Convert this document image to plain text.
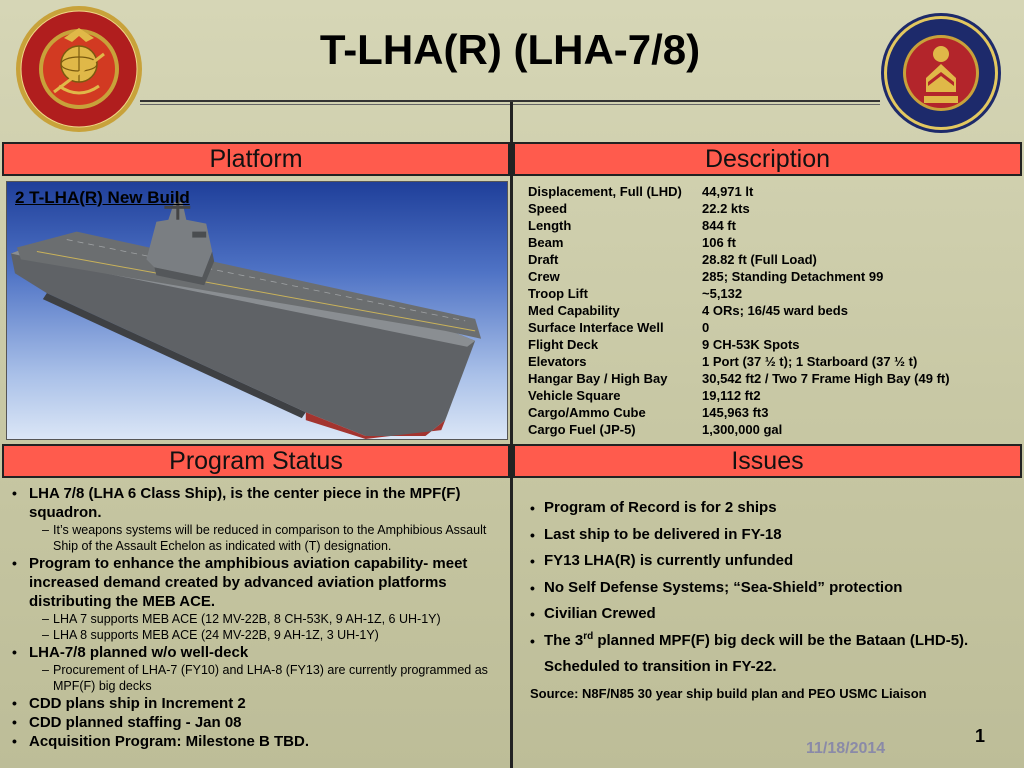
T-LHA(R) (LHA-7/8)
Platform	Description
2 T-LHA(R) New Build	Displacement, Full (LHD)	44,971 lt
Speed	22.2 kts
Length	844 ft
Beam	106 ft
Draft	28.82 ft (Full Load)
Crew	285; Standing Detachment 99
Troop Lift	~5,132
Med Capability	4 ORs; 16/45 ward beds
Surface Interface Well	0
Flight Deck	9 CH-53K Spots
Elevators	1 Port (37 ½ t); 1 Starboard (37 ½ t)
Hangar Bay / High Bay	30,542 ft2 / Two 7 Frame High Bay (49 ft)
Vehicle Square	19,112 ft2
Cargo/Ammo Cube	145,963 ft3
Cargo Fuel (JP-5)	1,300,000 gal
Program Status	Issues
• LHA 7/8 (LHA 6 Class Ship), is the center piece in the MPF(F) squadron.
– It’s weapons systems will be reduced in comparison to the Amphibious Assault Ship of the Assault Echelon as indicated with (T) designation.
• Program to enhance the amphibious aviation capability- meet increased demand created by advanced aviation platforms distributing the MEB ACE.
– LHA 7 supports MEB ACE (12 MV-22B, 8 CH-53K, 9 AH-1Z, 6 UH-1Y)
– LHA 8 supports MEB ACE (24 MV-22B, 9 AH-1Z, 3 UH-1Y)
• LHA-7/8 planned w/o well-deck
– Procurement of LHA-7 (FY10) and LHA-8 (FY13) are currently programmed as MPF(F) big decks
• CDD plans ship in Increment 2
• CDD planned staffing - Jan 08
• Acquisition Program: Milestone B TBD.
• Program of Record is for 2 ships
• Last ship to be delivered in FY-18
• FY13 LHA(R) is currently unfunded
• No Self Defense Systems; “Sea-Shield” protection
• Civilian Crewed
• The 3rd planned MPF(F) big deck will be the Bataan (LHD-5). Scheduled to transition in FY-22.
Source: N8F/N85 30 year ship build plan and PEO USMC Liaison
11/18/2014
1
